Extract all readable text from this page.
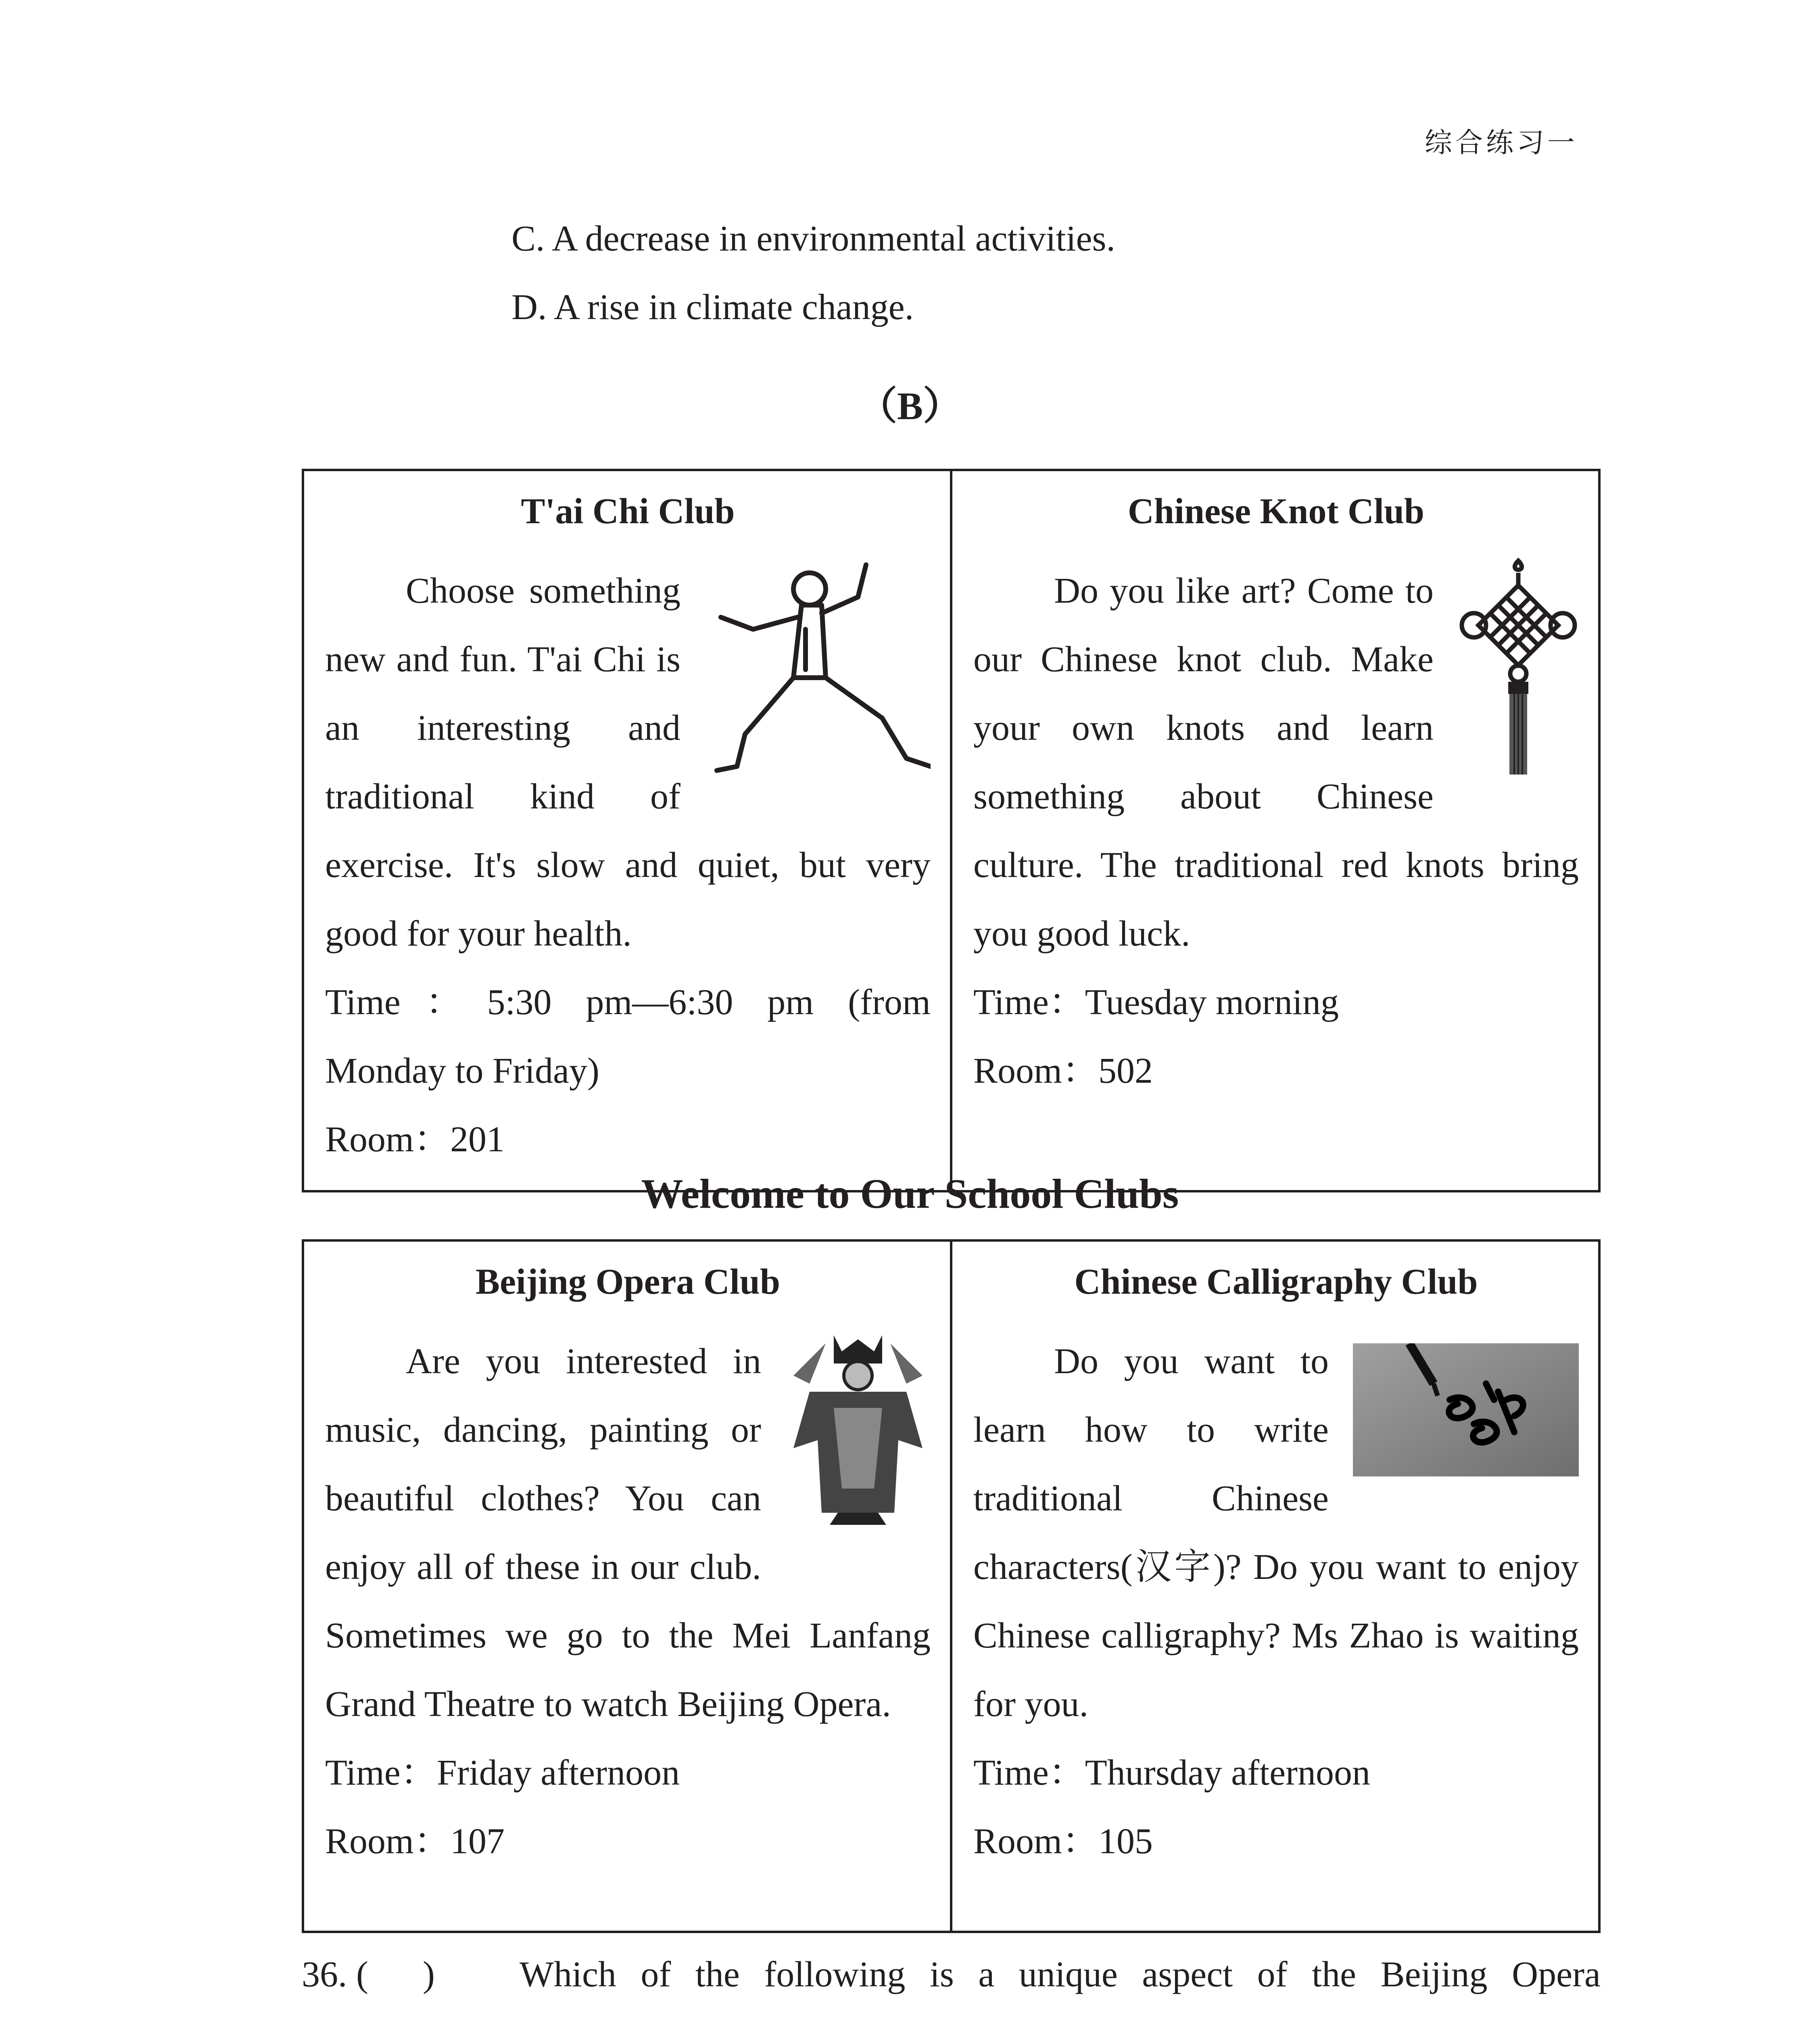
综合练习一
C. A decrease in environmental activities.
D. A rise in climate change.
（B）
T'ai Chi Club

Choose something new and fun. T'ai Chi is an interesting and traditional kind of exercise. It's slow and quiet, but very good for your health.

Time：5:30 pm—6:30 pm (from Monday to Friday)

Room：201

Chinese Knot Club

Do you like art? Come to our Chinese knot club. Make your own knots and learn something about Chinese culture. The traditional red knots bring you good luck.

Time：Tuesday morning

Room：502

Welcome to Our School Clubs
Beijing Opera Club

Are you interested in music, dancing, painting or beautiful clothes? You can enjoy all of these in our club. Sometimes we go to the Mei Lanfang Grand Theatre to watch Beijing Opera.

Time：Friday afternoon

Room：107

Chinese Calligraphy Club

Do you want to learn how to write traditional Chinese characters(汉字)? Do you want to enjoy Chinese calligraphy? Ms Zhao is waiting for you.

Time：Thursday afternoon

Room：105

36. (      )	Which of the following is a unique aspect of the Beijing Opera
